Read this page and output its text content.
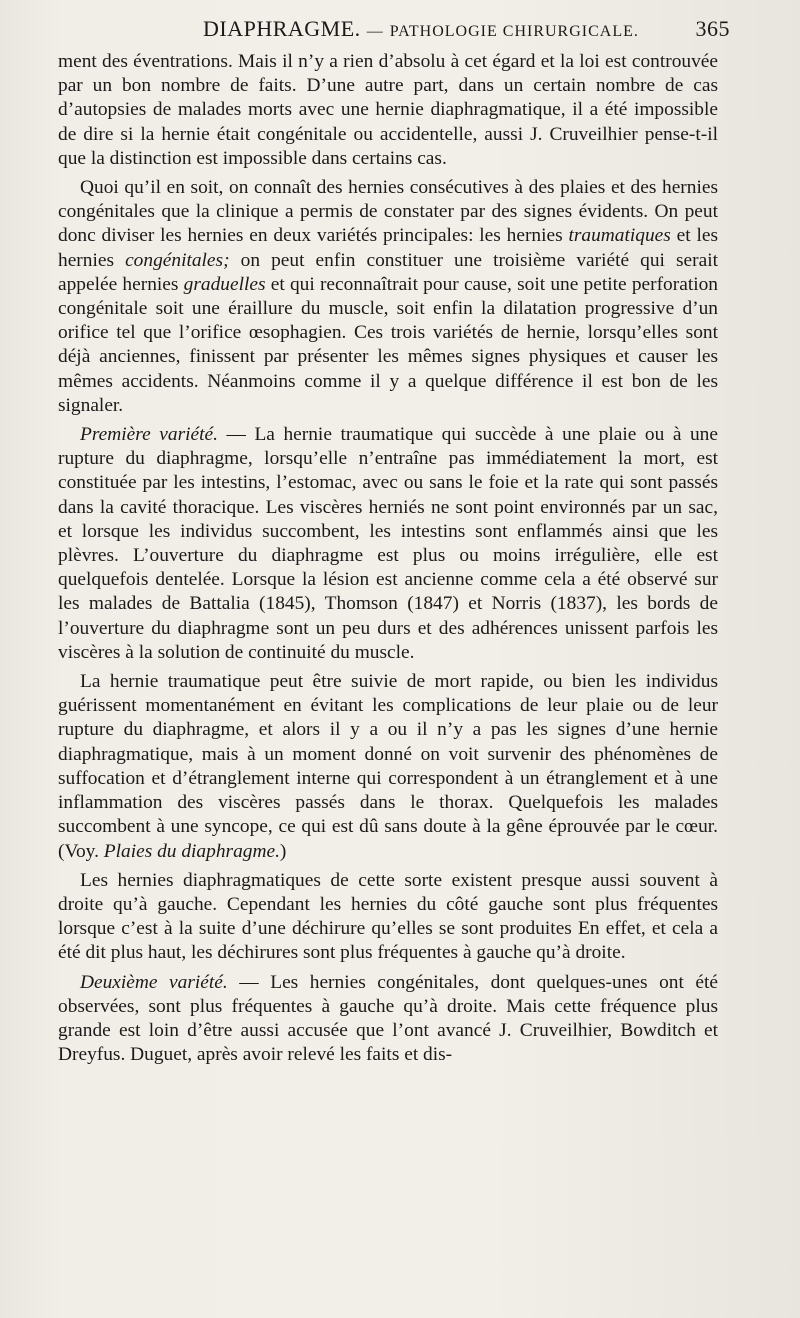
DIAPHRAGME. — PATHOLOGIE CHIRURGICALE.	365

ment des éventrations. Mais il n’y a rien d’absolu à cet égard et la loi est controuvée par un bon nombre de faits. D’une autre part, dans un certain nombre de cas d’autopsies de malades morts avec une hernie diaphragmatique, il a été impossible de dire si la hernie était congénitale ou accidentelle, aussi J. Cruveilhier pense-t-il que la distinction est impossible dans certains cas.

Quoi qu’il en soit, on connaît des hernies consécutives à des plaies et des hernies congénitales que la clinique a permis de constater par des signes évidents. On peut donc diviser les hernies en deux variétés principales: les hernies traumatiques et les hernies congénitales; on peut enfin constituer une troisième variété qui serait appelée hernies graduelles et qui reconnaîtrait pour cause, soit une petite perforation congénitale soit une éraillure du muscle, soit enfin la dilatation progressive d’un orifice tel que l’orifice œsophagien. Ces trois variétés de hernie, lorsqu’elles sont déjà anciennes, finissent par présenter les mêmes signes physiques et causer les mêmes accidents. Néanmoins comme il y a quelque différence il est bon de les signaler.

Première variété. — La hernie traumatique qui succède à une plaie ou à une rupture du diaphragme, lorsqu’elle n’entraîne pas immédiatement la mort, est constituée par les intestins, l’estomac, avec ou sans le foie et la rate qui sont passés dans la cavité thoracique. Les viscères herniés ne sont point environnés par un sac, et lorsque les individus succombent, les intestins sont enflammés ainsi que les plèvres. L’ouverture du diaphragme est plus ou moins irrégulière, elle est quelquefois dentelée. Lorsque la lésion est ancienne comme cela a été observé sur les malades de Battalia (1845), Thomson (1847) et Norris (1837), les bords de l’ouverture du diaphragme sont un peu durs et des adhérences unissent parfois les viscères à la solution de continuité du muscle.

La hernie traumatique peut être suivie de mort rapide, ou bien les individus guérissent momentanément en évitant les complications de leur plaie ou de leur rupture du diaphragme, et alors il y a ou il n’y a pas les signes d’une hernie diaphragmatique, mais à un moment donné on voit survenir des phénomènes de suffocation et d’étranglement interne qui correspondent à un étranglement et à une inflammation des viscères passés dans le thorax. Quelquefois les malades succombent à une syncope, ce qui est dû sans doute à la gêne éprouvée par le cœur. (Voy. Plaies du diaphragme.)

Les hernies diaphragmatiques de cette sorte existent presque aussi souvent à droite qu’à gauche. Cependant les hernies du côté gauche sont plus fréquentes lorsque c’est à la suite d’une déchirure qu’elles se sont produites En effet, et cela a été dit plus haut, les déchirures sont plus fréquentes à gauche qu’à droite.

Deuxième variété. — Les hernies congénitales, dont quelques-unes ont été observées, sont plus fréquentes à gauche qu’à droite. Mais cette fréquence plus grande est loin d’être aussi accusée que l’ont avancé J. Cruveilhier, Bowditch et Dreyfus. Duguet, après avoir relevé les faits et dis-
